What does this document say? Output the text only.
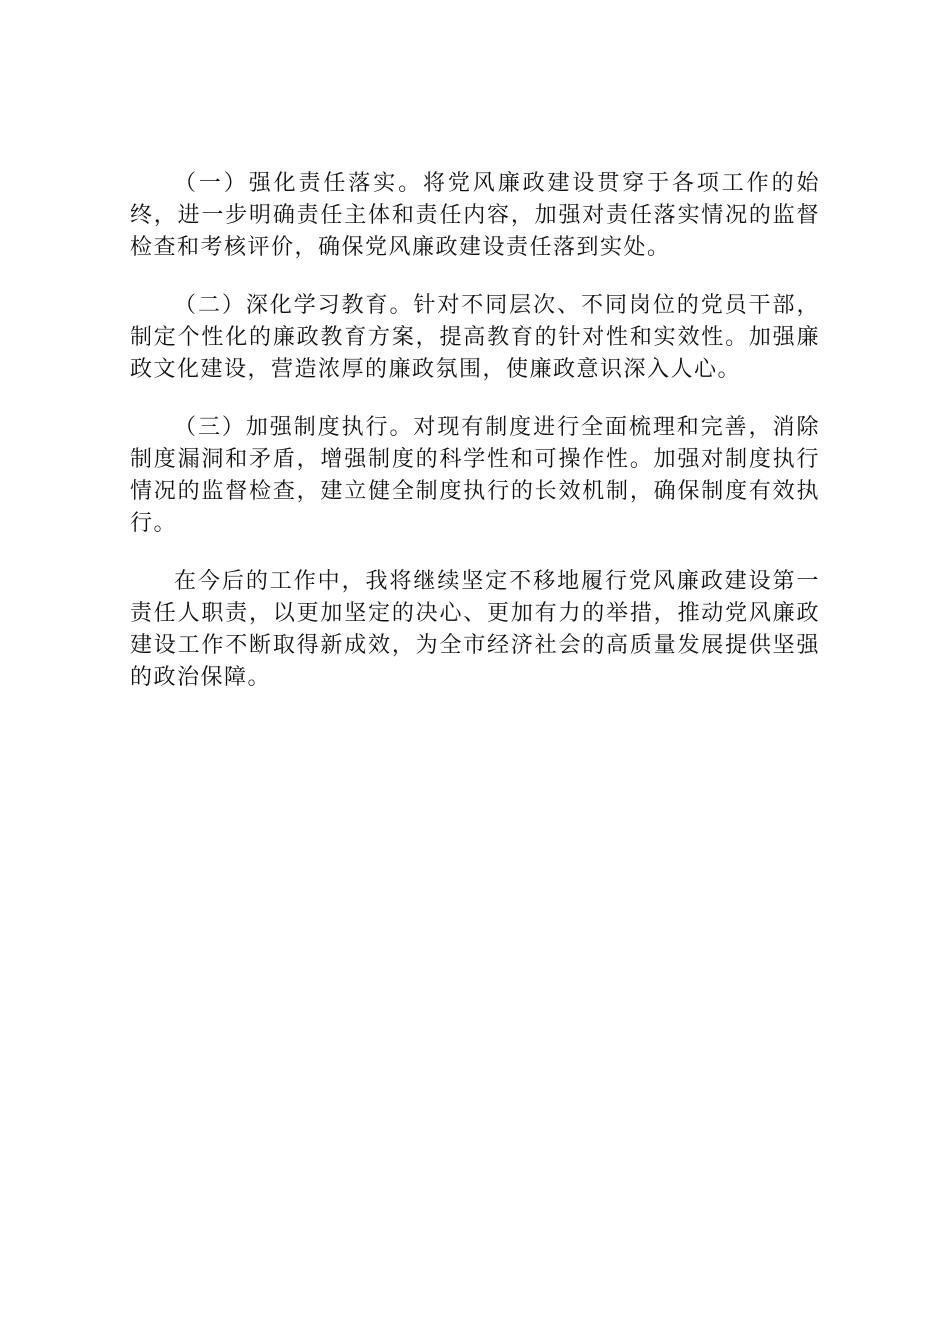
（一）强化责任落实。将党风廉政建设贯穿于各项工作的始终，进一步明确责任主体和责任内容，加强对责任落实情况的监督检查和考核评价，确保党风廉政建设责任落到实处。

（二）深化学习教育。针对不同层次、不同岗位的党员干部，制定个性化的廉政教育方案，提高教育的针对性和实效性。加强廉政文化建设，营造浓厚的廉政氛围，使廉政意识深入人心。

（三）加强制度执行。对现有制度进行全面梳理和完善，消除制度漏洞和矛盾，增强制度的科学性和可操作性。加强对制度执行情况的监督检查，建立健全制度执行的长效机制，确保制度有效执行。

在今后的工作中，我将继续坚定不移地履行党风廉政建设第一责任人职责，以更加坚定的决心、更加有力的举措，推动党风廉政建设工作不断取得新成效，为全市经济社会的高质量发展提供坚强的政治保障。
